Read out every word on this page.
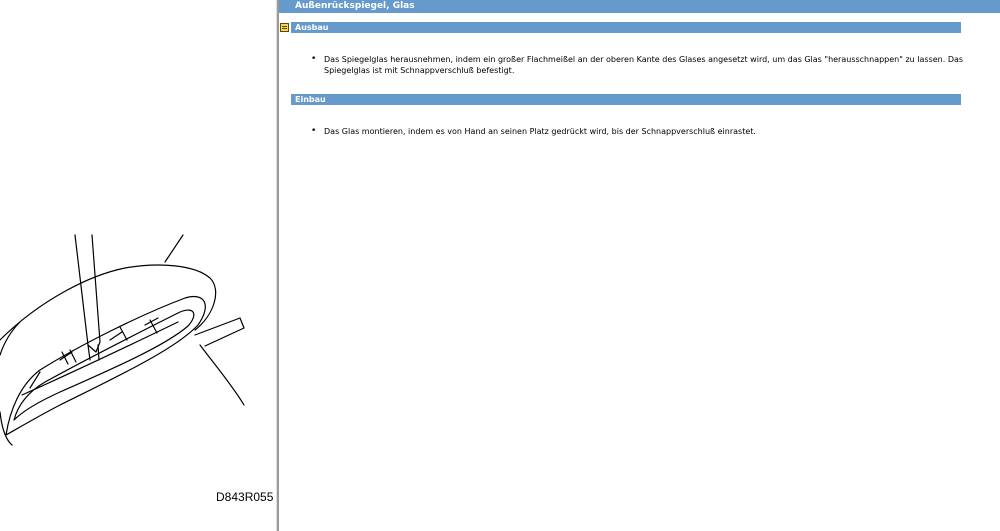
D843R055
Außenrückspiegel, Glas
Ausbau
• Das Spiegelglas herausnehmen, indem ein großer Flachmeißel an der oberen Kante des Glases angesetzt wird, um das Glas "herausschnappen" zu lassen. Das Spiegelglas ist mit Schnappverschluß befestigt.
Einbau
• Das Glas montieren, indem es von Hand an seinen Platz gedrückt wird, bis der Schnappverschluß einrastet.
